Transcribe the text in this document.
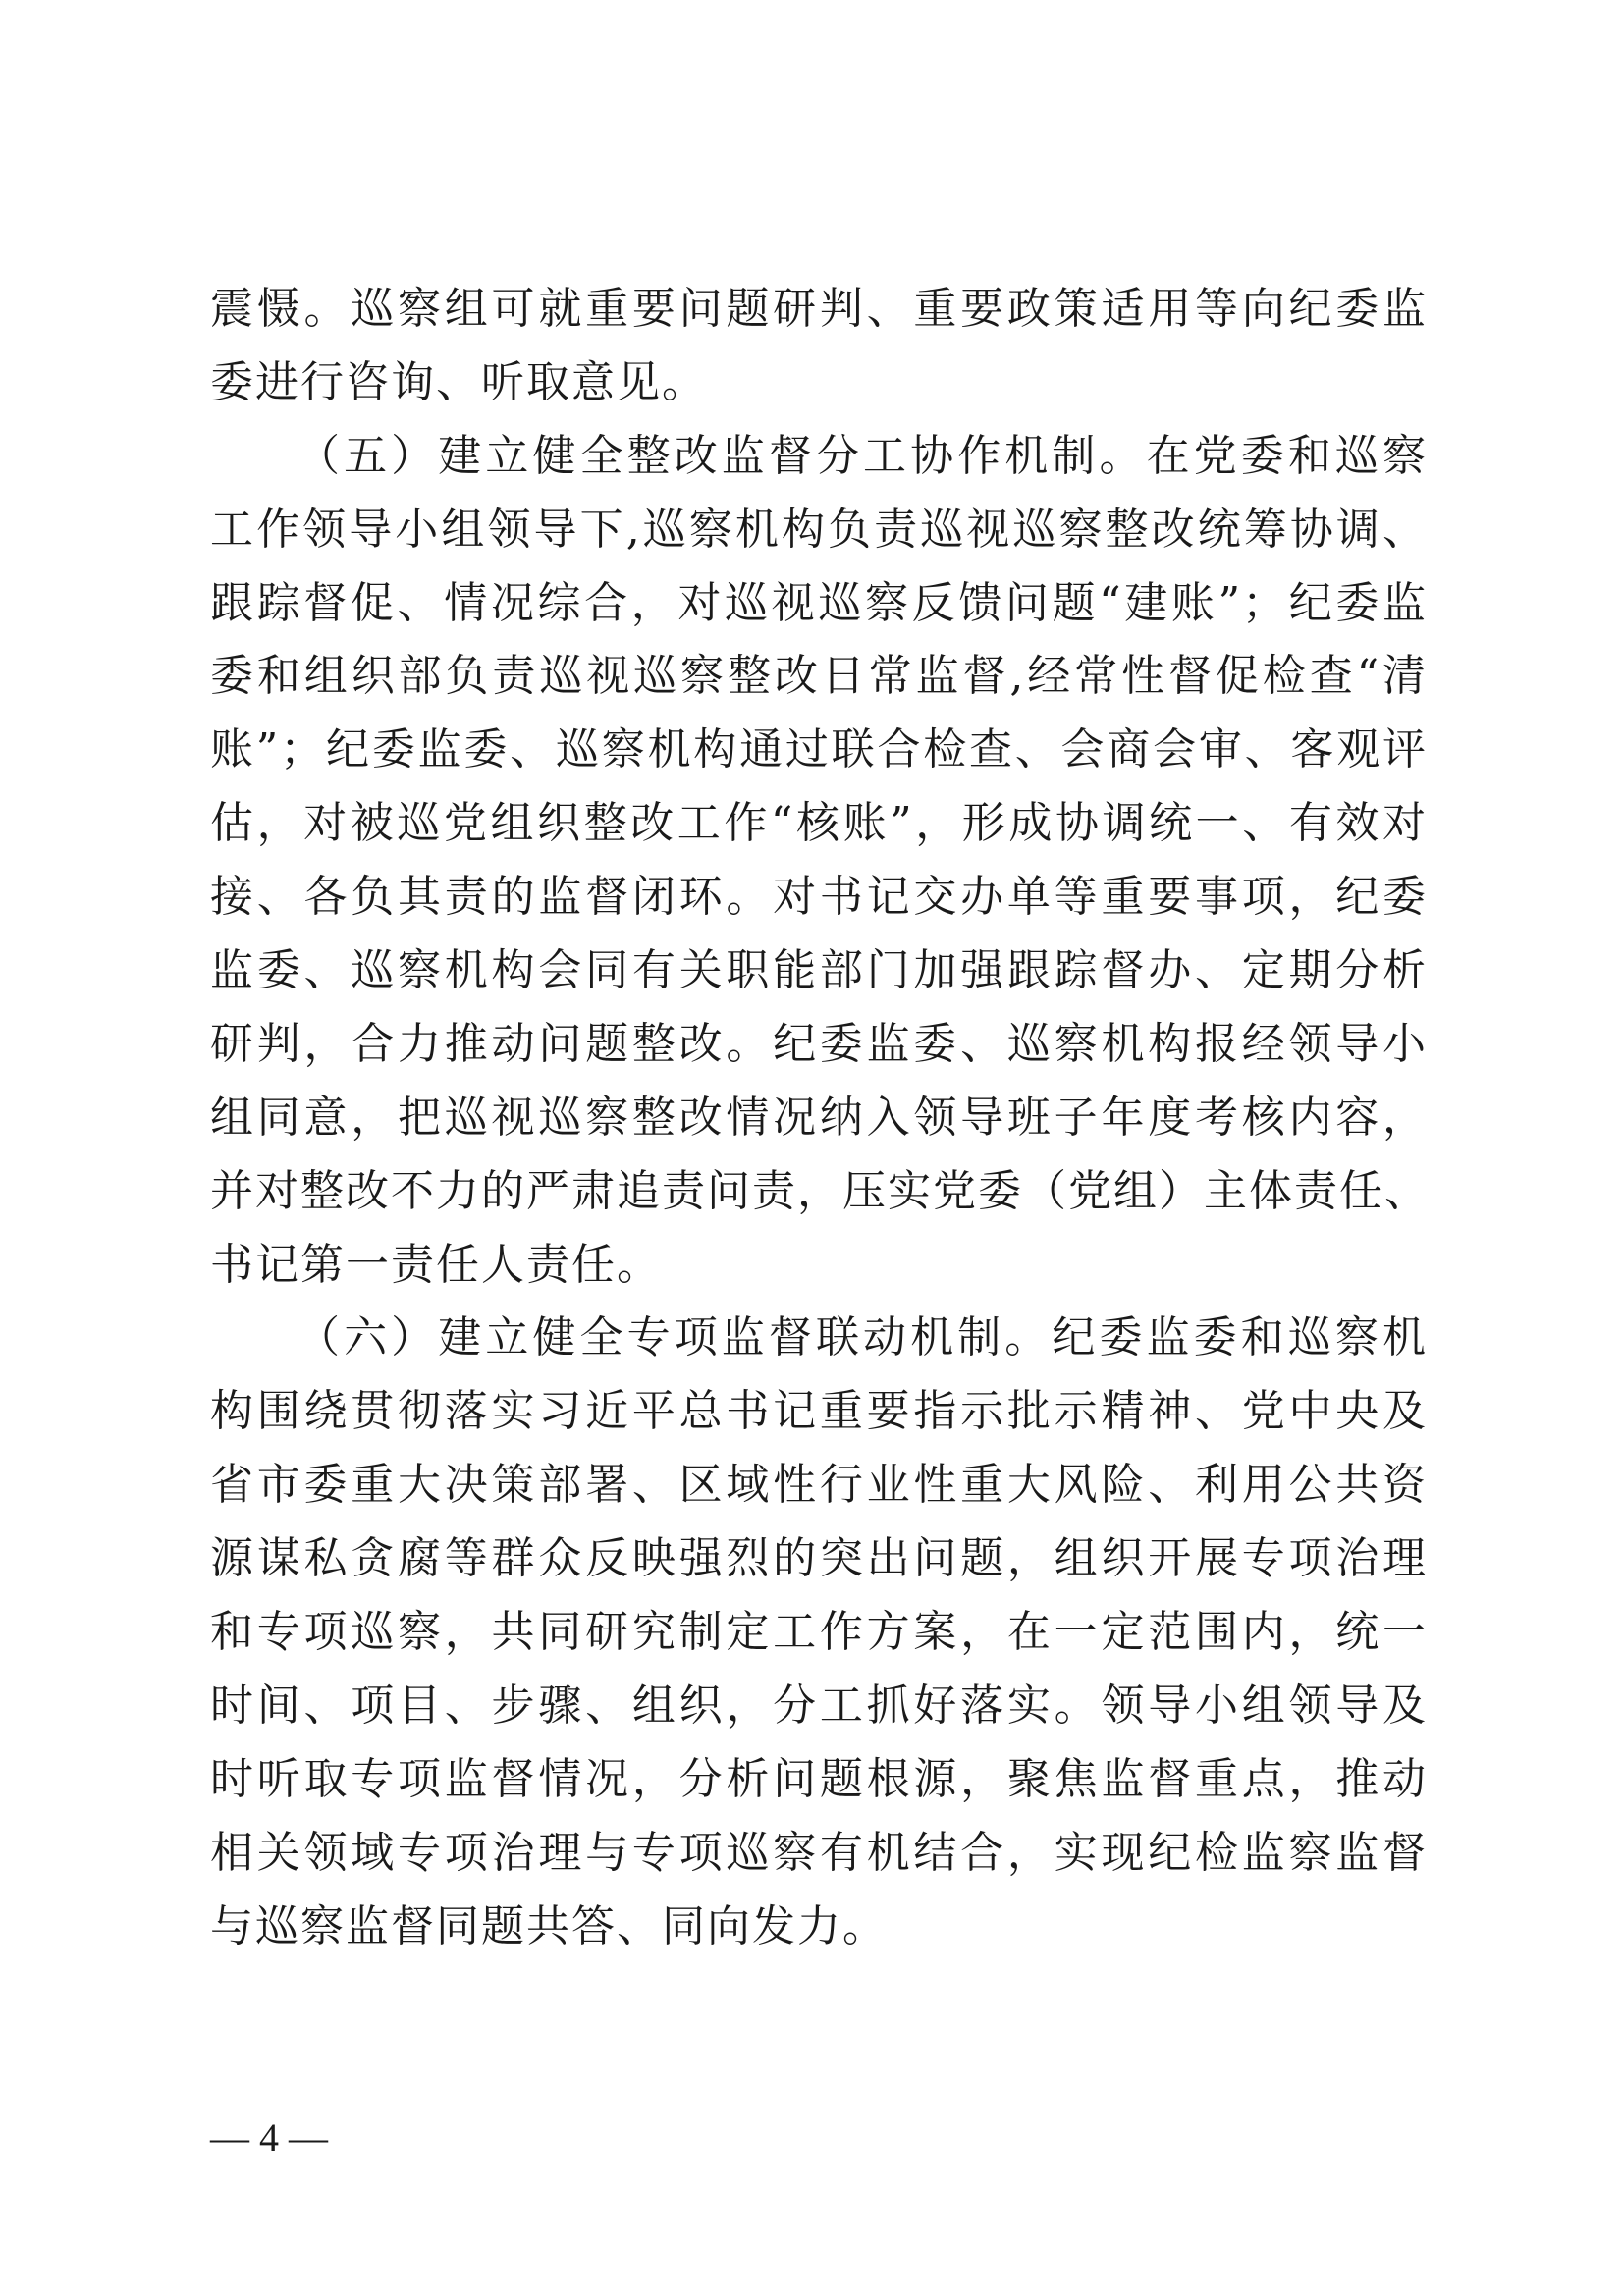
震慑。巡察组可就重要问题研判、重要政策适用等向纪委监
委进行咨询、听取意见。
（五）建立健全整改监督分工协作机制。在党委和巡察
工作领导小组领导下,巡察机构负责巡视巡察整改统筹协调、
跟踪督促、情况综合，对巡视巡察反馈问题“建账”；纪委监
委和组织部负责巡视巡察整改日常监督,经常性督促检查“清
账”；纪委监委、巡察机构通过联合检查、会商会审、客观评
估，对被巡党组织整改工作“核账”，形成协调统一、有效对
接、各负其责的监督闭环。对书记交办单等重要事项，纪委
监委、巡察机构会同有关职能部门加强跟踪督办、定期分析
研判，合力推动问题整改。纪委监委、巡察机构报经领导小
组同意，把巡视巡察整改情况纳入领导班子年度考核内容，
并对整改不力的严肃追责问责，压实党委（党组）主体责任、
书记第一责任人责任。
（六）建立健全专项监督联动机制。纪委监委和巡察机
构围绕贯彻落实习近平总书记重要指示批示精神、党中央及
省市委重大决策部署、区域性行业性重大风险、利用公共资
源谋私贪腐等群众反映强烈的突出问题，组织开展专项治理
和专项巡察，共同研究制定工作方案，在一定范围内，统一
时间、项目、步骤、组织，分工抓好落实。领导小组领导及
时听取专项监督情况，分析问题根源，聚焦监督重点，推动
相关领域专项治理与专项巡察有机结合，实现纪检监察监督
与巡察监督同题共答、同向发力。
— 4 —
